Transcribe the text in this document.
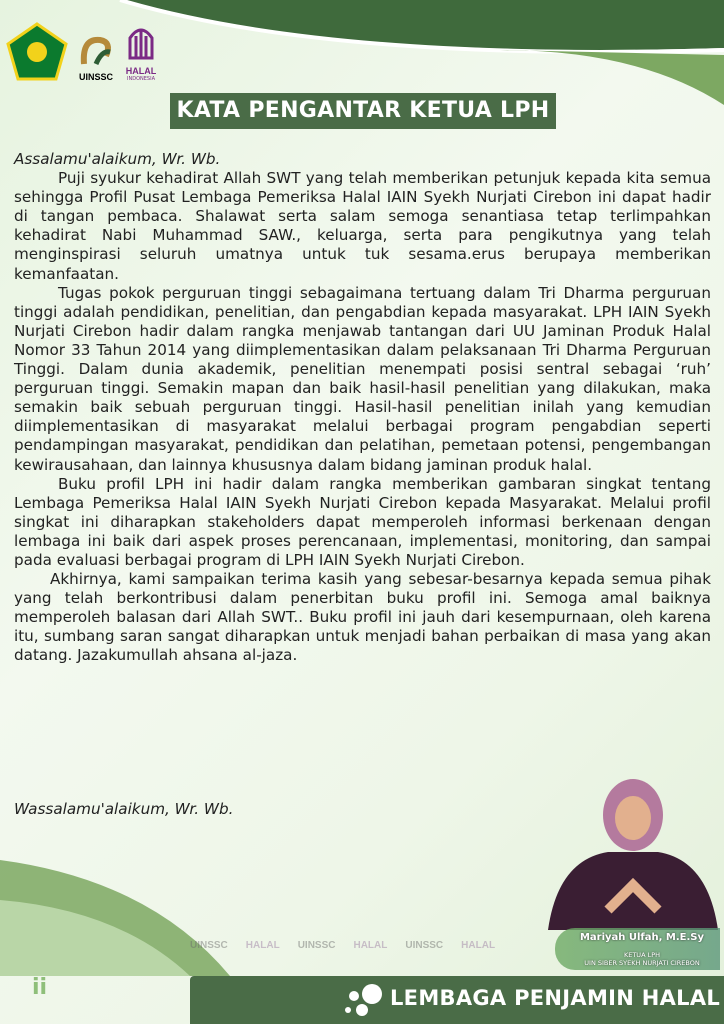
UINSSC
HALAL
INDONESIA
KATA PENGANTAR KETUA LPH

Assalamu'alaikum, Wr. Wb.

Puji syukur kehadirat Allah SWT yang telah memberikan petunjuk kepada kita semua sehingga Profil Pusat Lembaga Pemeriksa Halal IAIN Syekh Nurjati Cirebon ini dapat hadir di tangan pembaca. Shalawat serta salam semoga senantiasa tetap terlimpahkan kehadirat Nabi Muhammad SAW., keluarga, serta para pengikutnya yang telah menginspirasi seluruh umatnya untuk tuk sesama.erus berupaya memberikan kemanfaatan.

Tugas pokok perguruan tinggi sebagaimana tertuang dalam Tri Dharma perguruan tinggi adalah pendidikan, penelitian, dan pengabdian kepada masyarakat. LPH IAIN Syekh Nurjati Cirebon hadir dalam rangka menjawab tantangan dari UU Jaminan Produk Halal Nomor 33 Tahun 2014 yang diimplementasikan dalam pelaksanaan Tri Dharma Perguruan Tinggi. Dalam dunia akademik, penelitian menempati posisi sentral sebagai ‘ruh’ perguruan tinggi. Semakin mapan dan baik hasil-hasil penelitian yang dilakukan, maka semakin baik sebuah perguruan tinggi. Hasil-hasil penelitian inilah yang kemudian diimplementasikan di masyarakat melalui berbagai program pengabdian seperti pendampingan masyarakat, pendidikan dan pelatihan, pemetaan potensi, pengembangan kewirausahaan, dan lainnya khususnya dalam bidang jaminan produk halal.

Buku profil LPH ini hadir dalam rangka memberikan gambaran singkat tentang Lembaga Pemeriksa Halal IAIN Syekh Nurjati Cirebon kepada Masyarakat. Melalui profil singkat ini diharapkan stakeholders dapat memperoleh informasi berkenaan dengan lembaga ini baik dari aspek proses perencanaan, implementasi, monitoring, dan sampai pada evaluasi berbagai program di LPH IAIN Syekh Nurjati Cirebon.

Akhirnya, kami sampaikan terima kasih yang sebesar-besarnya kepada semua pihak yang telah berkontribusi dalam penerbitan buku profil ini. Semoga amal baiknya memperoleh balasan dari Allah SWT.. Buku profil ini jauh dari kesempurnaan, oleh karena itu, sumbang saran sangat diharapkan untuk menjadi bahan perbaikan di masa yang akan datang. Jazakumullah ahsana al-jaza.

Wassalamu'alaikum, Wr. Wb.
UINSSC HALAL UINSSC HALAL UINSSC HALAL
Mariyah Ulfah, M.E.Sy
KETUA LPH
UIN SIBER SYEKH NURJATI CIREBON
ii	LEMBAGA PENJAMIN HALAL
